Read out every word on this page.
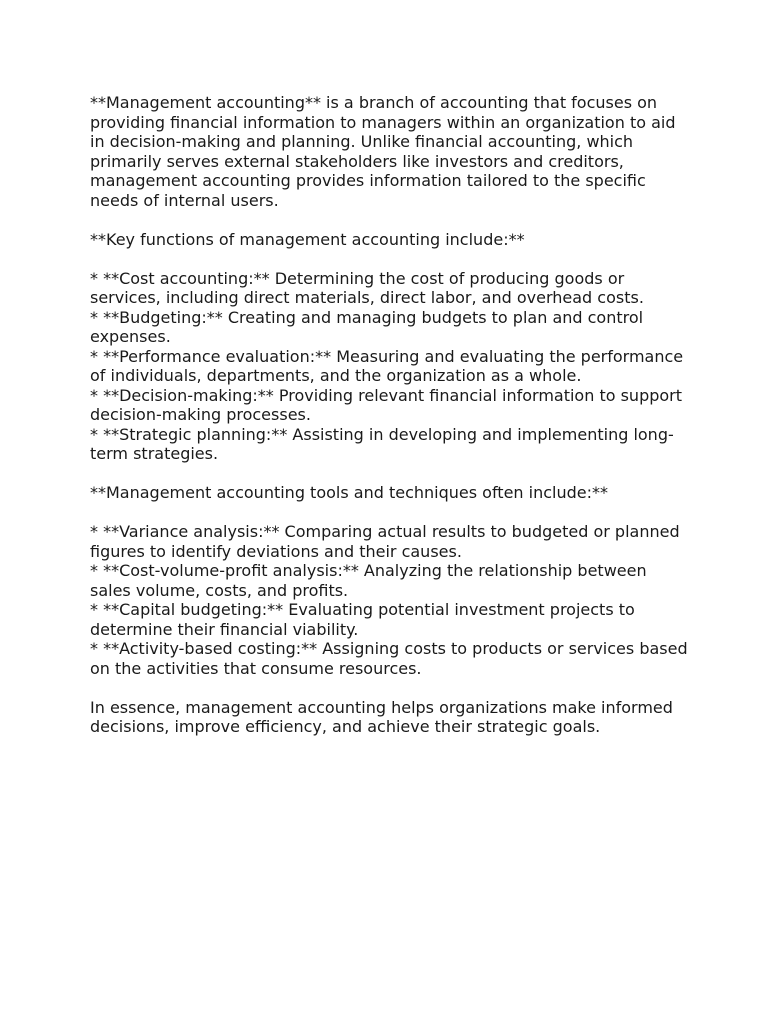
**Management accounting** is a branch of accounting that focuses on providing financial information to managers within an organization to aid in decision-making and planning. Unlike financial accounting, which primarily serves external stakeholders like investors and creditors, management accounting provides information tailored to the specific needs of internal users.

**Key functions of management accounting include:**

* **Cost accounting:** Determining the cost of producing goods or services, including direct materials, direct labor, and overhead costs.

* **Budgeting:** Creating and managing budgets to plan and control expenses.

* **Performance evaluation:** Measuring and evaluating the performance of individuals, departments, and the organization as a whole.

* **Decision-making:** Providing relevant financial information to support decision-making processes.

* **Strategic planning:** Assisting in developing and implementing long-term strategies.

**Management accounting tools and techniques often include:**

* **Variance analysis:** Comparing actual results to budgeted or planned figures to identify deviations and their causes.

* **Cost-volume-profit analysis:** Analyzing the relationship between sales volume, costs, and profits.

* **Capital budgeting:** Evaluating potential investment projects to determine their financial viability.

* **Activity-based costing:** Assigning costs to products or services based on the activities that consume resources.

In essence, management accounting helps organizations make informed decisions, improve efficiency, and achieve their strategic goals.
